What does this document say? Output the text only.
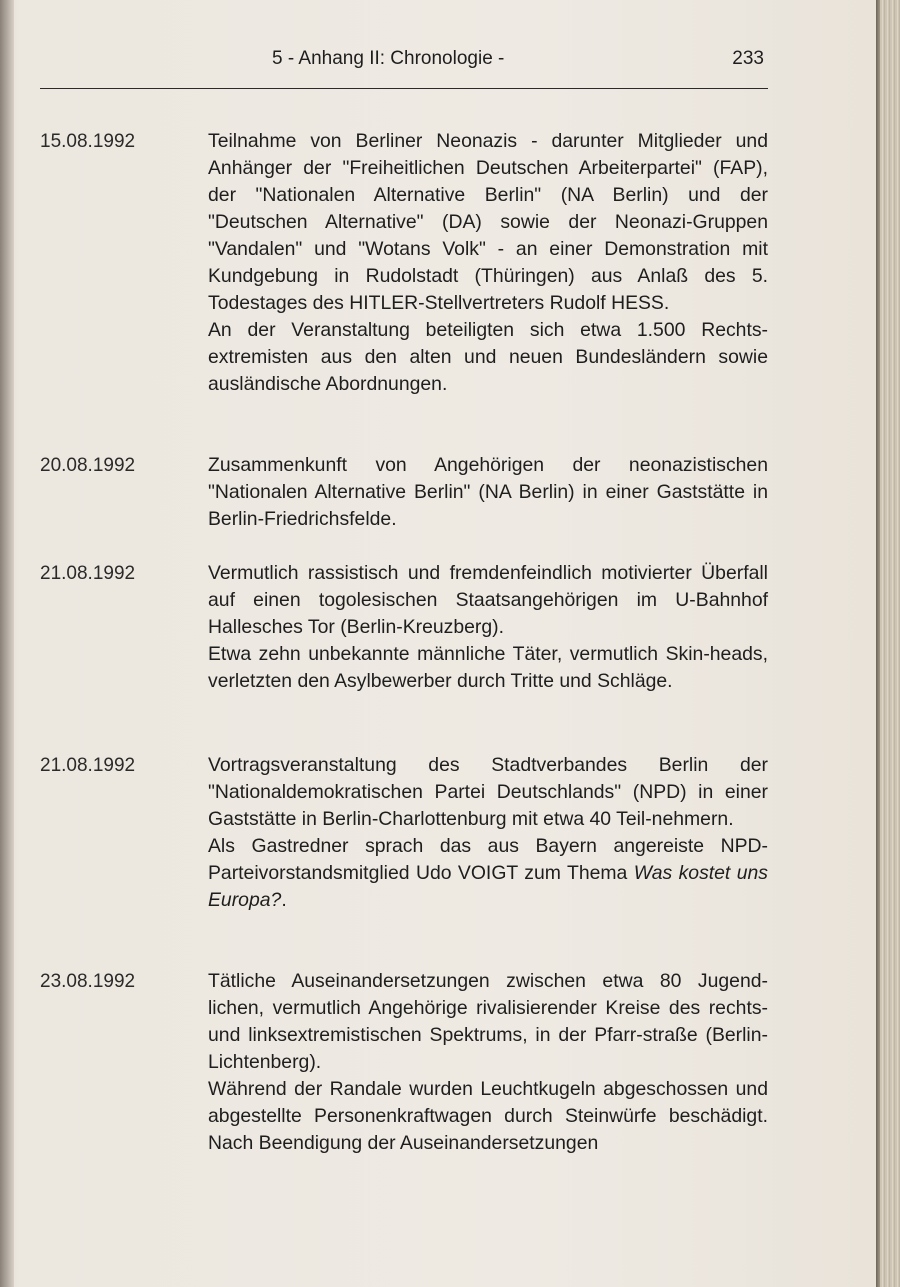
5 - Anhang II: Chronologie -	233
15.08.1992	Teilnahme von Berliner Neonazis - darunter Mitglieder und Anhänger der "Freiheitlichen Deutschen Arbeiterpartei" (FAP), der "Nationalen Alternative Berlin" (NA Berlin) und der "Deutschen Alternative" (DA) sowie der Neonazi-Gruppen "Vandalen" und "Wotans Volk" - an einer Demonstration mit Kundgebung in Rudolstadt (Thüringen) aus Anlaß des 5. Todestages des HITLER-Stellvertreters Rudolf HESS.

An der Veranstaltung beteiligten sich etwa 1.500 Rechts-extremisten aus den alten und neuen Bundesländern sowie ausländische Abordnungen.

20.08.1992	Zusammenkunft von Angehörigen der neonazistischen "Nationalen Alternative Berlin" (NA Berlin) in einer Gaststätte in Berlin-Friedrichsfelde.

21.08.1992	Vermutlich rassistisch und fremdenfeindlich motivierter Überfall auf einen togolesischen Staatsangehörigen im U-Bahnhof Hallesches Tor (Berlin-Kreuzberg).

Etwa zehn unbekannte männliche Täter, vermutlich Skin-heads, verletzten den Asylbewerber durch Tritte und Schläge.

21.08.1992	Vortragsveranstaltung des Stadtverbandes Berlin der "Nationaldemokratischen Partei Deutschlands" (NPD) in einer Gaststätte in Berlin-Charlottenburg mit etwa 40 Teil-nehmern.

Als Gastredner sprach das aus Bayern angereiste NPD-Parteivorstandsmitglied Udo VOIGT zum Thema Was kostet uns Europa?.

23.08.1992	Tätliche Auseinandersetzungen zwischen etwa 80 Jugend-lichen, vermutlich Angehörige rivalisierender Kreise des rechts- und linksextremistischen Spektrums, in der Pfarr-straße (Berlin-Lichtenberg).

Während der Randale wurden Leuchtkugeln abgeschossen und abgestellte Personenkraftwagen durch Steinwürfe beschädigt. Nach Beendigung der Auseinandersetzungen
